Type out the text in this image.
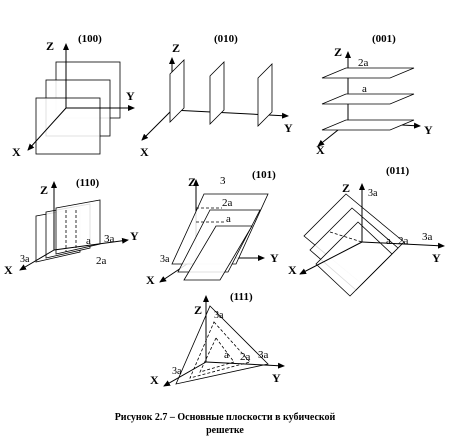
(100)
Z
Y
X
(010)
Z
Y
X
(001)
Z
Y
X
2a
a
(110)
Z
Y
X
a 3a
2a
3a
(101)
Z
Y
X
3
2a
a
3a
(011)
Z
Y
X
3a
a 2a 3a
(111)
Z
Y
X
3a
a 2a 3a
3a
Рисунок 2.7 – Основные плоскости в кубической
решетке
